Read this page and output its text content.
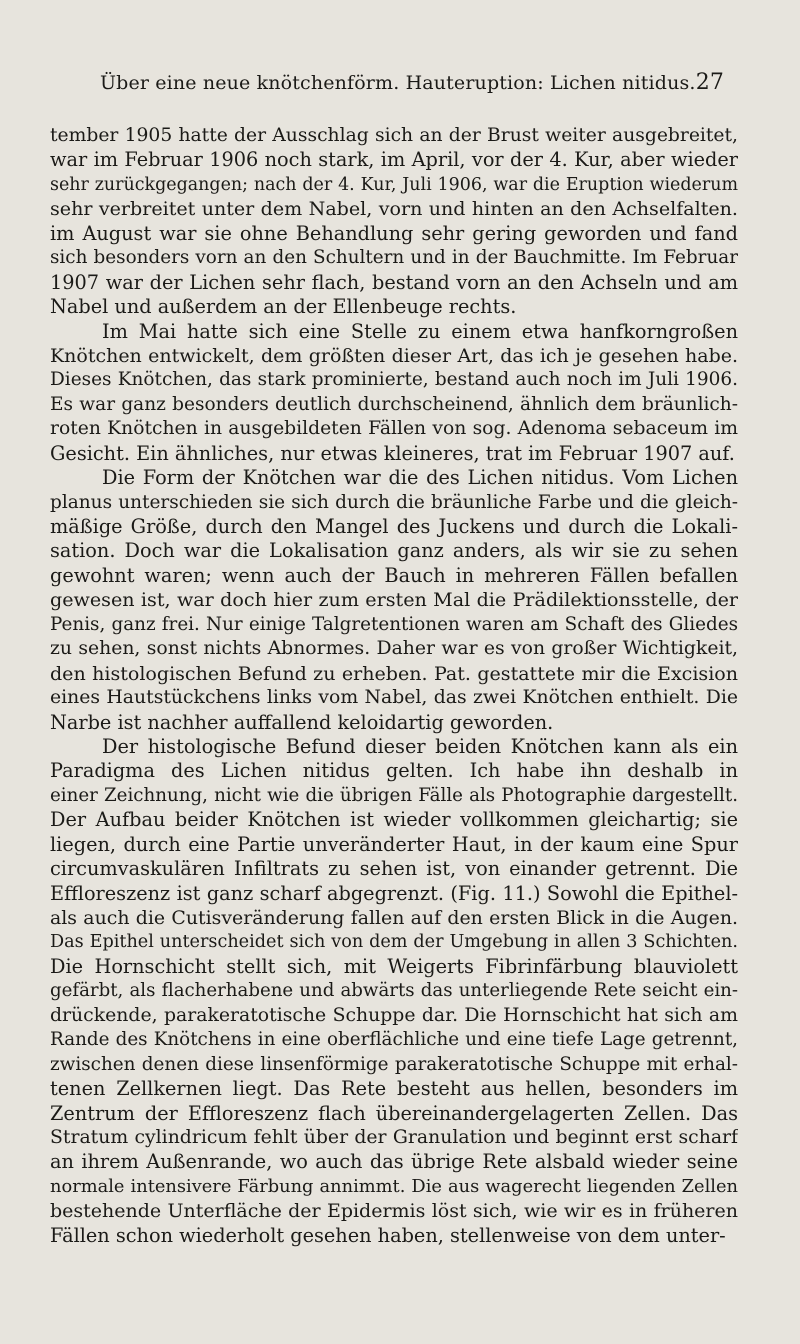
Über eine neue knötchenförm. Hauteruption: Lichen nitidus. 27
tember 1905 hatte der Ausschlag sich an der Brust weiter ausgebreitet,
war im Februar 1906 noch stark, im April, vor der 4. Kur, aber wieder
sehr zurückgegangen; nach der 4. Kur, Juli 1906, war die Eruption wiederum
sehr verbreitet unter dem Nabel, vorn und hinten an den Achselfalten.
im August war sie ohne Behandlung sehr gering geworden und fand
sich besonders vorn an den Schultern und in der Bauchmitte. Im Februar
1907 war der Lichen sehr flach, bestand vorn an den Achseln und am
Nabel und außerdem an der Ellenbeuge rechts.
Im Mai hatte sich eine Stelle zu einem etwa hanfkorngroßen
Knötchen entwickelt, dem größten dieser Art, das ich je gesehen habe.
Dieses Knötchen, das stark prominierte, bestand auch noch im Juli 1906.
Es war ganz besonders deutlich durchscheinend, ähnlich dem bräunlich-
roten Knötchen in ausgebildeten Fällen von sog. Adenoma sebaceum im
Gesicht. Ein ähnliches, nur etwas kleineres, trat im Februar 1907 auf.
Die Form der Knötchen war die des Lichen nitidus. Vom Lichen
planus unterschieden sie sich durch die bräunliche Farbe und die gleich-
mäßige Größe, durch den Mangel des Juckens und durch die Lokali-
sation. Doch war die Lokalisation ganz anders, als wir sie zu sehen
gewohnt waren; wenn auch der Bauch in mehreren Fällen befallen
gewesen ist, war doch hier zum ersten Mal die Prädilektionsstelle, der
Penis, ganz frei. Nur einige Talgretentionen waren am Schaft des Gliedes
zu sehen, sonst nichts Abnormes. Daher war es von großer Wichtigkeit,
den histologischen Befund zu erheben. Pat. gestattete mir die Excision
eines Hautstückchens links vom Nabel, das zwei Knötchen enthielt. Die
Narbe ist nachher auffallend keloidartig geworden.
Der histologische Befund dieser beiden Knötchen kann als ein
Paradigma des Lichen nitidus gelten. Ich habe ihn deshalb in
einer Zeichnung, nicht wie die übrigen Fälle als Photographie dargestellt.
Der Aufbau beider Knötchen ist wieder vollkommen gleichartig; sie
liegen, durch eine Partie unveränderter Haut, in der kaum eine Spur
circumvaskulären Infiltrats zu sehen ist, von einander getrennt. Die
Effloreszenz ist ganz scharf abgegrenzt. (Fig. 11.) Sowohl die Epithel-
als auch die Cutisveränderung fallen auf den ersten Blick in die Augen.
Das Epithel unterscheidet sich von dem der Umgebung in allen 3 Schichten.
Die Hornschicht stellt sich, mit Weigerts Fibrinfärbung blauviolett
gefärbt, als flacherhabene und abwärts das unterliegende Rete seicht ein-
drückende, parakeratotische Schuppe dar. Die Hornschicht hat sich am
Rande des Knötchens in eine oberflächliche und eine tiefe Lage getrennt,
zwischen denen diese linsenförmige parakeratotische Schuppe mit erhal-
tenen Zellkernen liegt. Das Rete besteht aus hellen, besonders im
Zentrum der Effloreszenz flach übereinandergelagerten Zellen. Das
Stratum cylindricum fehlt über der Granulation und beginnt erst scharf
an ihrem Außenrande, wo auch das übrige Rete alsbald wieder seine
normale intensivere Färbung annimmt. Die aus wagerecht liegenden Zellen
bestehende Unterfläche der Epidermis löst sich, wie wir es in früheren
Fällen schon wiederholt gesehen haben, stellenweise von dem unter-
